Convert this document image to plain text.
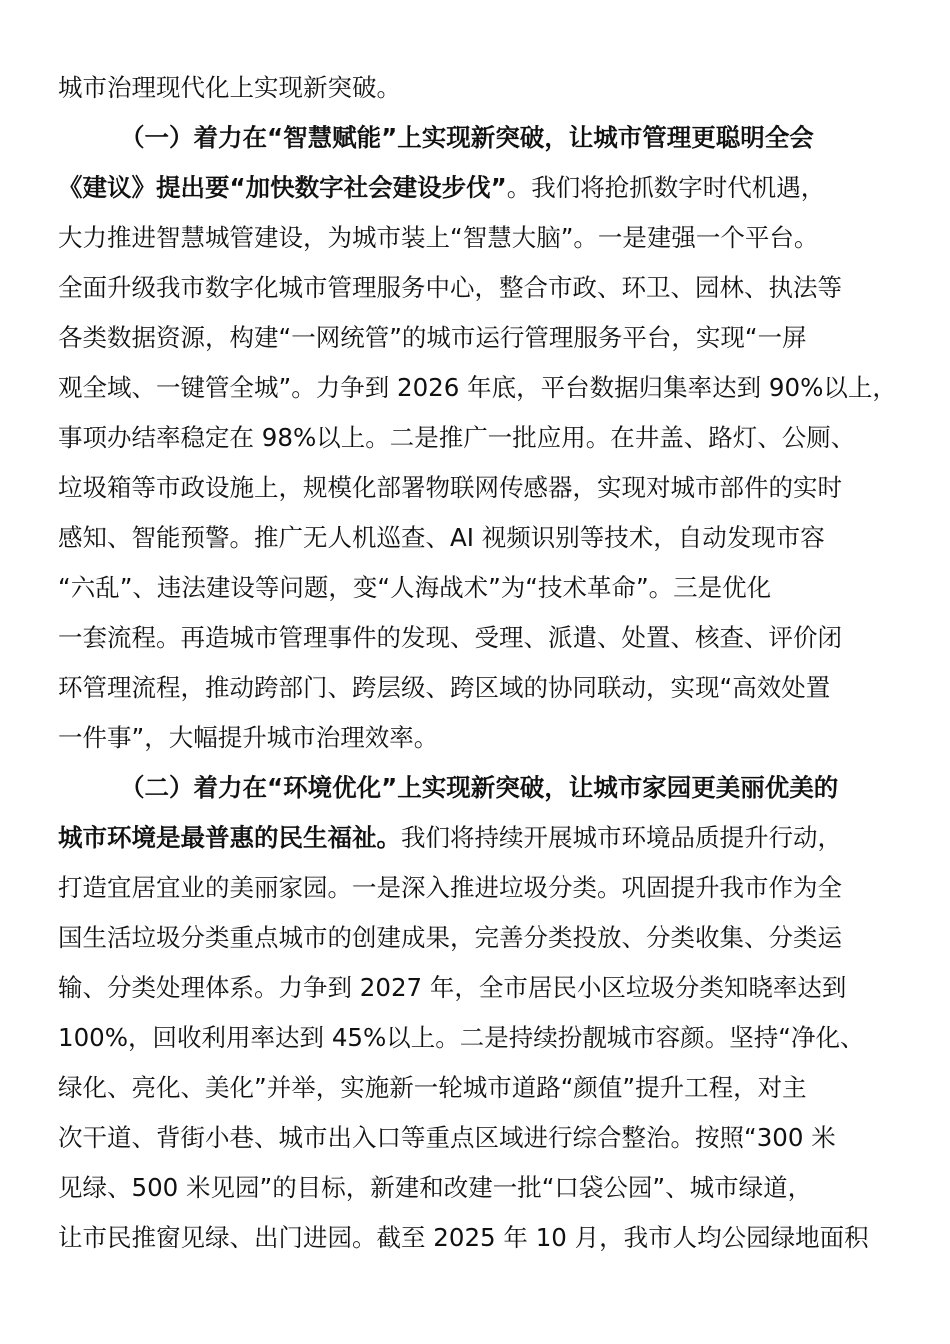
城市治理现代化上实现新突破。
（一）着力在“智慧赋能”上实现新突破，让城市管理更聪明全会
《建议》提出要“加快数字社会建设步伐”。我们将抢抓数字时代机遇，
大力推进智慧城管建设，为城市装上“智慧大脑”。一是建强一个平台。
全面升级我市数字化城市管理服务中心，整合市政、环卫、园林、执法等
各类数据资源，构建“一网统管”的城市运行管理服务平台，实现“一屏
观全域、一键管全城”。力争到 2026 年底，平台数据归集率达到 90%以上，
事项办结率稳定在 98%以上。二是推广一批应用。在井盖、路灯、公厕、
垃圾箱等市政设施上，规模化部署物联网传感器，实现对城市部件的实时
感知、智能预警。推广无人机巡查、AI 视频识别等技术，自动发现市容
“六乱”、违法建设等问题，变“人海战术”为“技术革命”。三是优化
一套流程。再造城市管理事件的发现、受理、派遣、处置、核查、评价闭
环管理流程，推动跨部门、跨层级、跨区域的协同联动，实现“高效处置
一件事”，大幅提升城市治理效率。
（二）着力在“环境优化”上实现新突破，让城市家园更美丽优美的
城市环境是最普惠的民生福祉。我们将持续开展城市环境品质提升行动，
打造宜居宜业的美丽家园。一是深入推进垃圾分类。巩固提升我市作为全
国生活垃圾分类重点城市的创建成果，完善分类投放、分类收集、分类运
输、分类处理体系。力争到 2027 年，全市居民小区垃圾分类知晓率达到
100%，回收利用率达到 45%以上。二是持续扮靓城市容颜。坚持“净化、
绿化、亮化、美化”并举，实施新一轮城市道路“颜值”提升工程，对主
次干道、背街小巷、城市出入口等重点区域进行综合整治。按照“300 米
见绿、500 米见园”的目标，新建和改建一批“口袋公园”、城市绿道，
让市民推窗见绿、出门进园。截至 2025 年 10 月，我市人均公园绿地面积
